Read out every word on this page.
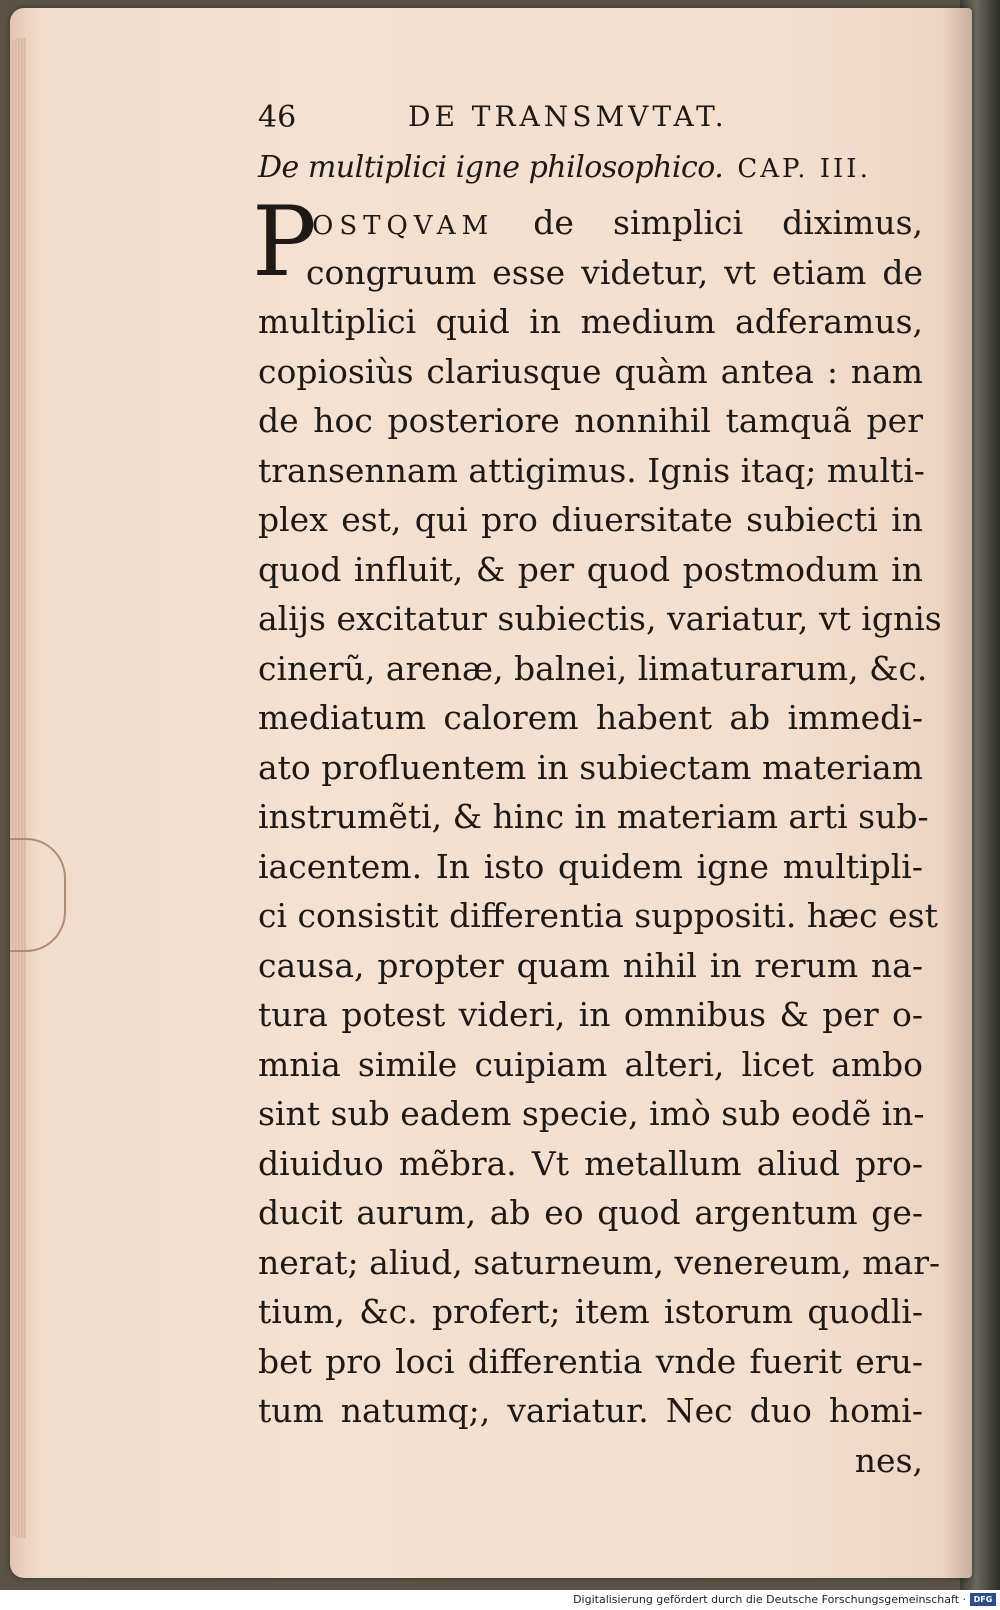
46	DE TRANSMVTAT.
De multiplici igne philosophico. CAP. III.
P
OSTQVAM de simplici diximus,
congruum esse videtur, vt etiam de
multiplici quid in medium adferamus,
copiosiùs clariusque quàm antea : nam
de hoc posteriore nonnihil tamquã per
transennam attigimus. Ignis itaq; multi-
plex est, qui pro diuersitate subiecti in
quod influit, & per quod postmodum in
alijs excitatur subiectis, variatur, vt ignis
cinerũ, arenæ, balnei, limaturarum, &c.
mediatum calorem habent ab immedi-
ato profluentem in subiectam materiam
instrumẽti, & hinc in materiam arti sub-
iacentem. In isto quidem igne multipli-
ci consistit differentia suppositi. hæc est
causa, propter quam nihil in rerum na-
tura potest videri, in omnibus & per o-
mnia simile cuipiam alteri, licet ambo
sint sub eadem specie, imò sub eodẽ in-
diuiduo mẽbra. Vt metallum aliud pro-
ducit aurum, ab eo quod argentum ge-
nerat; aliud, saturneum, venereum, mar-
tium, &c. profert; item istorum quodli-
bet pro loci differentia vnde fuerit eru-
tum natumq;, variatur. Nec duo homi-
nes,
Digitalisierung gefördert durch die Deutsche Forschungsgemeinschaft · DFG
